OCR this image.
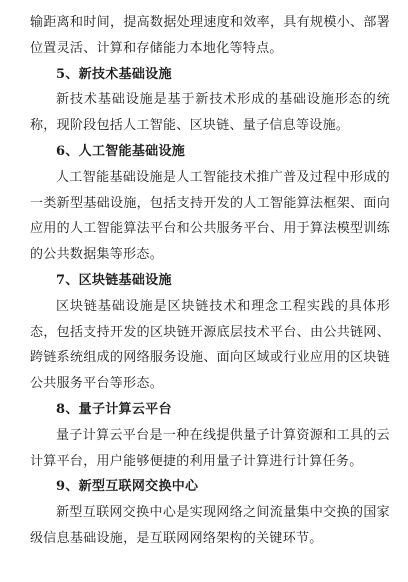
输距离和时间，提高数据处理速度和效率，具有规模小、部署位置灵活、计算和存储能力本地化等特点。

5、新技术基础设施

新技术基础设施是基于新技术形成的基础设施形态的统称，现阶段包括人工智能、区块链、量子信息等设施。

6、人工智能基础设施

人工智能基础设施是人工智能技术推广普及过程中形成的一类新型基础设施，包括支持开发的人工智能算法框架、面向应用的人工智能算法平台和公共服务平台、用于算法模型训练的公共数据集等形态。

7、区块链基础设施

区块链基础设施是区块链技术和理念工程实践的具体形态，包括支持开发的区块链开源底层技术平台、由公共链网、跨链系统组成的网络服务设施、面向区域或行业应用的区块链公共服务平台等形态。

8、量子计算云平台

量子计算云平台是一种在线提供量子计算资源和工具的云计算平台，用户能够便捷的利用量子计算进行计算任务。

9、新型互联网交换中心

新型互联网交换中心是实现网络之间流量集中交换的国家级信息基础设施，是互联网网络架构的关键环节。
